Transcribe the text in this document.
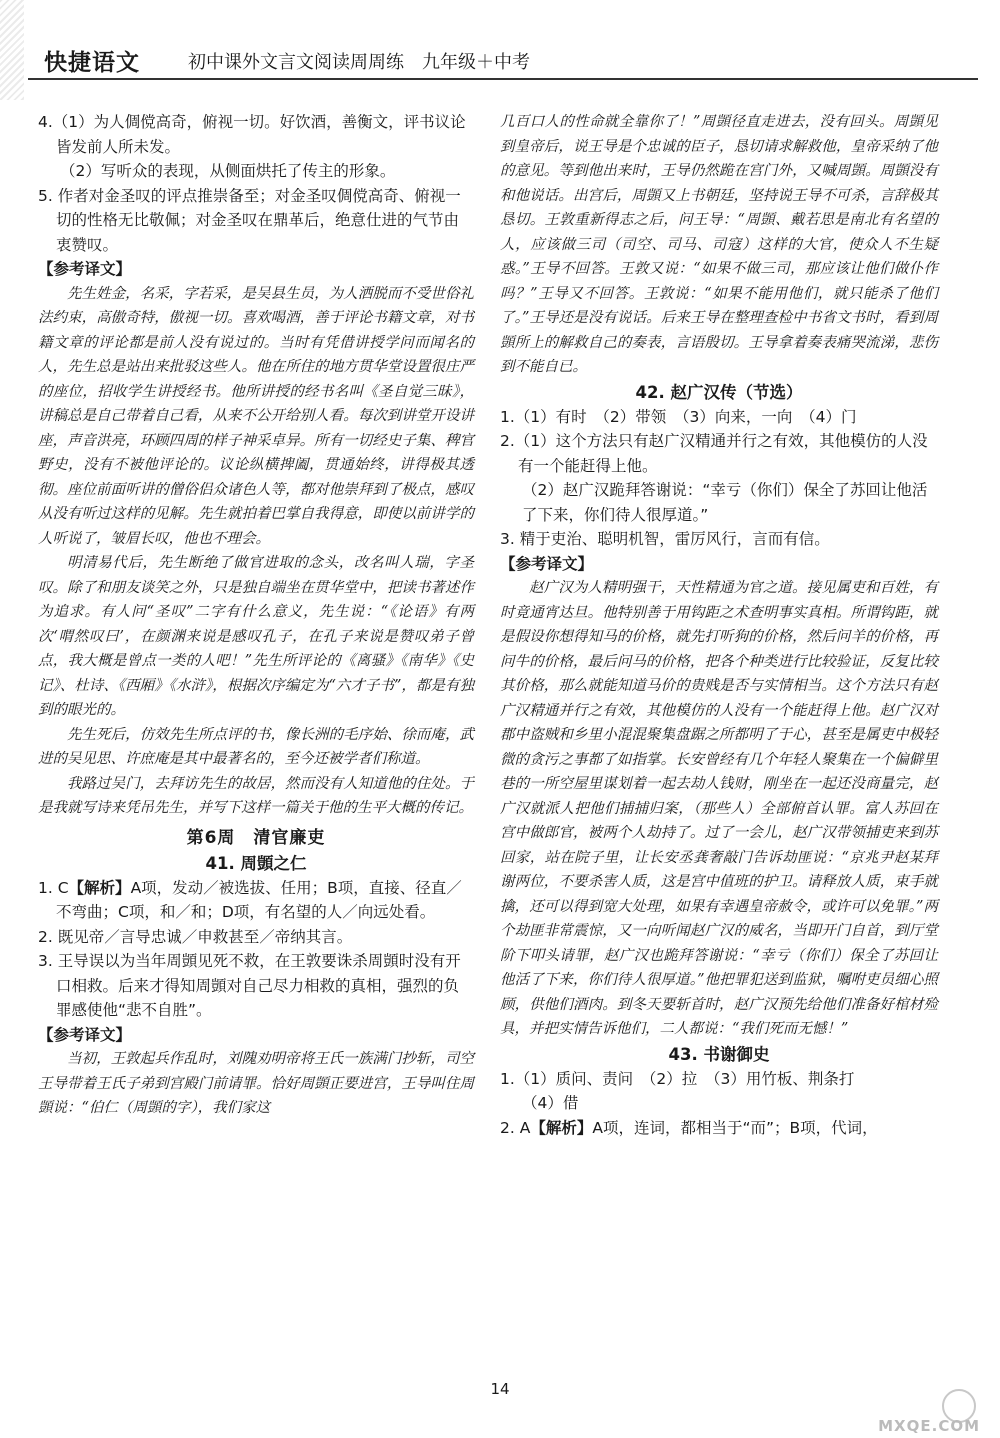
快捷语文	初中课外文言文阅读周周练　九年级＋中考

4.（1）为人倜傥高奇，俯视一切。好饮酒，善衡文，评书议论皆发前人所未发。

（2）写听众的表现，从侧面烘托了传主的形象。

5. 作者对金圣叹的评点推崇备至；对金圣叹倜傥高奇、俯视一切的性格无比敬佩；对金圣叹在鼎革后，绝意仕进的气节由衷赞叹。

【参考译文】

先生姓金，名采，字若采，是吴县生员，为人洒脱而不受世俗礼法约束，高傲奇特，傲视一切。喜欢喝酒，善于评论书籍文章，对书籍文章的评论都是前人没有说过的。当时有凭借讲授学问而闻名的人，先生总是站出来批驳这些人。他在所住的地方贯华堂设置很庄严的座位，招收学生讲授经书。他所讲授的经书名叫《圣自觉三昧》，讲稿总是自己带着自己看，从来不公开给别人看。每次到讲堂开设讲座，声音洪亮，环顾四周的样子神采卓异。所有一切经史子集、稗官野史，没有不被他评论的。议论纵横捭阖，贯通始终，讲得极其透彻。座位前面听讲的僧俗侣众诸色人等，都对他崇拜到了极点，感叹从没有听过这样的见解。先生就拍着巴掌自我得意，即使以前讲学的人听说了，皱眉长叹，他也不理会。

明清易代后，先生断绝了做官进取的念头，改名叫人瑞，字圣叹。除了和朋友谈笑之外，只是独自端坐在贯华堂中，把读书著述作为追求。有人问“圣叹”二字有什么意义，先生说：“《论语》有两次‘喟然叹曰’，在颜渊来说是感叹孔子，在孔子来说是赞叹弟子曾点，我大概是曾点一类的人吧！”先生所评论的《离骚》《南华》《史记》、杜诗、《西厢》《水浒》，根据次序编定为“六才子书”，都是有独到的眼光的。

先生死后，仿效先生所点评的书，像长洲的毛序始、徐而庵，武进的吴见思、许庶庵是其中最著名的，至今还被学者们称道。

我路过吴门，去拜访先生的故居，然而没有人知道他的住处。于是我就写诗来凭吊先生，并写下这样一篇关于他的生平大概的传记。

第6周　清官廉吏

41. 周顗之仁

1. C【解析】A项，发动／被选拔、任用；B项，直接、径直／不弯曲；C项，和／和；D项，有名望的人／向远处看。

2. 既见帝／言导忠诚／申救甚至／帝纳其言。

3. 王导误以为当年周顗见死不救，在王敦要诛杀周顗时没有开口相救。后来才得知周顗对自己尽力相救的真相，强烈的负罪感使他“悲不自胜”。

【参考译文】

当初，王敦起兵作乱时，刘隗劝明帝将王氏一族满门抄斩，司空王导带着王氏子弟到宫殿门前请罪。恰好周顗正要进宫，王导叫住周顗说：“伯仁（周顗的字），我们家这

几百口人的性命就全靠你了！”周顗径直走进去，没有回头。周顗见到皇帝后，说王导是个忠诚的臣子，恳切请求解救他，皇帝采纳了他的意见。等到他出来时，王导仍然跪在宫门外，又喊周顗。周顗没有和他说话。出宫后，周顗又上书朝廷，坚持说王导不可杀，言辞极其恳切。王敦重新得志之后，问王导：“周顗、戴若思是南北有名望的人，应该做三司（司空、司马、司寇）这样的大官，使众人不生疑惑。”王导不回答。王敦又说：“如果不做三司，那应该让他们做仆作吗？”王导又不回答。王敦说：“如果不能用他们，就只能杀了他们了。”王导还是没有说话。后来王导在整理查检中书省文书时，看到周顗所上的解救自己的奏表，言语殷切。王导拿着奏表痛哭流涕，悲伤到不能自已。

42. 赵广汉传（节选）

1.（1）有时　（2）带领　（3）向来，一向　（4）门

2.（1）这个方法只有赵广汉精通并行之有效，其他模仿的人没有一个能赶得上他。

（2）赵广汉跪拜答谢说：“幸亏（你们）保全了苏回让他活了下来，你们待人很厚道。”

3. 精于吏治、聪明机智，雷厉风行，言而有信。

【参考译文】

赵广汉为人精明强干，天性精通为官之道。接见属吏和百姓，有时竟通宵达旦。他特别善于用钩距之术查明事实真相。所谓钩距，就是假设你想得知马的价格，就先打听狗的价格，然后问羊的价格，再问牛的价格，最后问马的价格，把各个种类进行比较验证，反复比较其价格，那么就能知道马价的贵贱是否与实情相当。这个方法只有赵广汉精通并行之有效，其他模仿的人没有一个能赶得上他。赵广汉对郡中盗贼和乡里小混混聚集盘踞之所都明了于心，甚至是属吏中极轻微的贪污之事都了如指掌。长安曾经有几个年轻人聚集在一个偏僻里巷的一所空屋里谋划着一起去劫人钱财，刚坐在一起还没商量完，赵广汉就派人把他们捕捕归案，（那些人）全部俯首认罪。富人苏回在宫中做郎官，被两个人劫持了。过了一会儿，赵广汉带领捕吏来到苏回家，站在院子里，让长安丞龚奢敲门告诉劫匪说：“京兆尹赵某拜谢两位，不要杀害人质，这是宫中值班的护卫。请释放人质，束手就擒，还可以得到宽大处理，如果有幸遇皇帝赦令，或许可以免罪。”两个劫匪非常震惊，又一向听闻赵广汉的威名，当即开门自首，到厅堂阶下叩头请罪，赵广汉也跪拜答谢说：“幸亏（你们）保全了苏回让他活了下来，你们待人很厚道。”他把罪犯送到监狱，嘱咐吏员细心照顾，供他们酒肉。到冬天要斩首时，赵广汉预先给他们准备好棺材殓具，并把实情告诉他们，二人都说：“我们死而无憾！”

43. 书谢御史

1.（1）质问、责问　（2）拉　（3）用竹板、荆条打

（4）借

2. A【解析】A项，连词，都相当于“而”；B项，代词，

14
MXQE.COM
